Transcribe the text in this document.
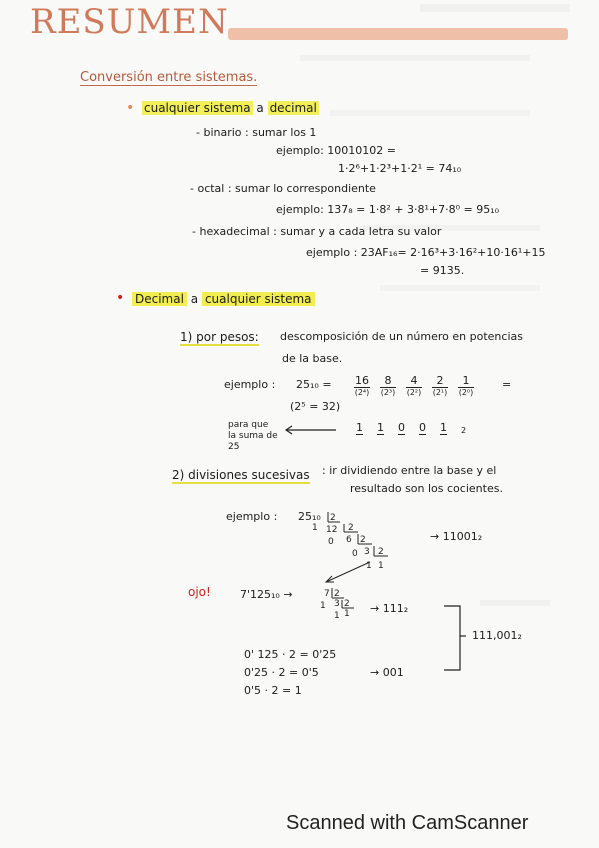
RESUMEN
Conversión entre sistemas.
• cualquier sistema a decimal
- binario : sumar los 1
ejemplo: 10010102 =
1·2⁶+1·2³+1·2¹ = 74₁₀
- octal : sumar lo correspondiente
ejemplo: 137₈ = 1·8² + 3·8¹+7·8⁰ = 95₁₀
- hexadecimal : sumar y a cada letra su valor
ejemplo : 23AF₁₆= 2·16³+3·16²+10·16¹+15
= 9135.
• Decimal a cualquier sistema
1) por pesos: descomposición de un número en potencias
de la base.
ejemplo : 25₁₀ = 16
(2⁴)
8
(2³)
4
(2²)
2
(2¹)
1
(2⁰)
=
(2⁵ = 32)
para que
la suma de
25
1 1 0 0 1 2
2) divisiones sucesivas : ir dividiendo entre la base y el
resultado son los cocientes.
ejemplo : 25₁₀ 2
1 12 2
0 6 2
0 3 2
1 1
→ 11001₂
ojo!	7'125₁₀ →	7 2
1 3 2
1 1 → 111₂
0' 125 · 2 = 0'25
0'25 · 2 = 0'5
0'5 · 2 = 1
→ 001
111,001₂
Scanned with CamScanner
